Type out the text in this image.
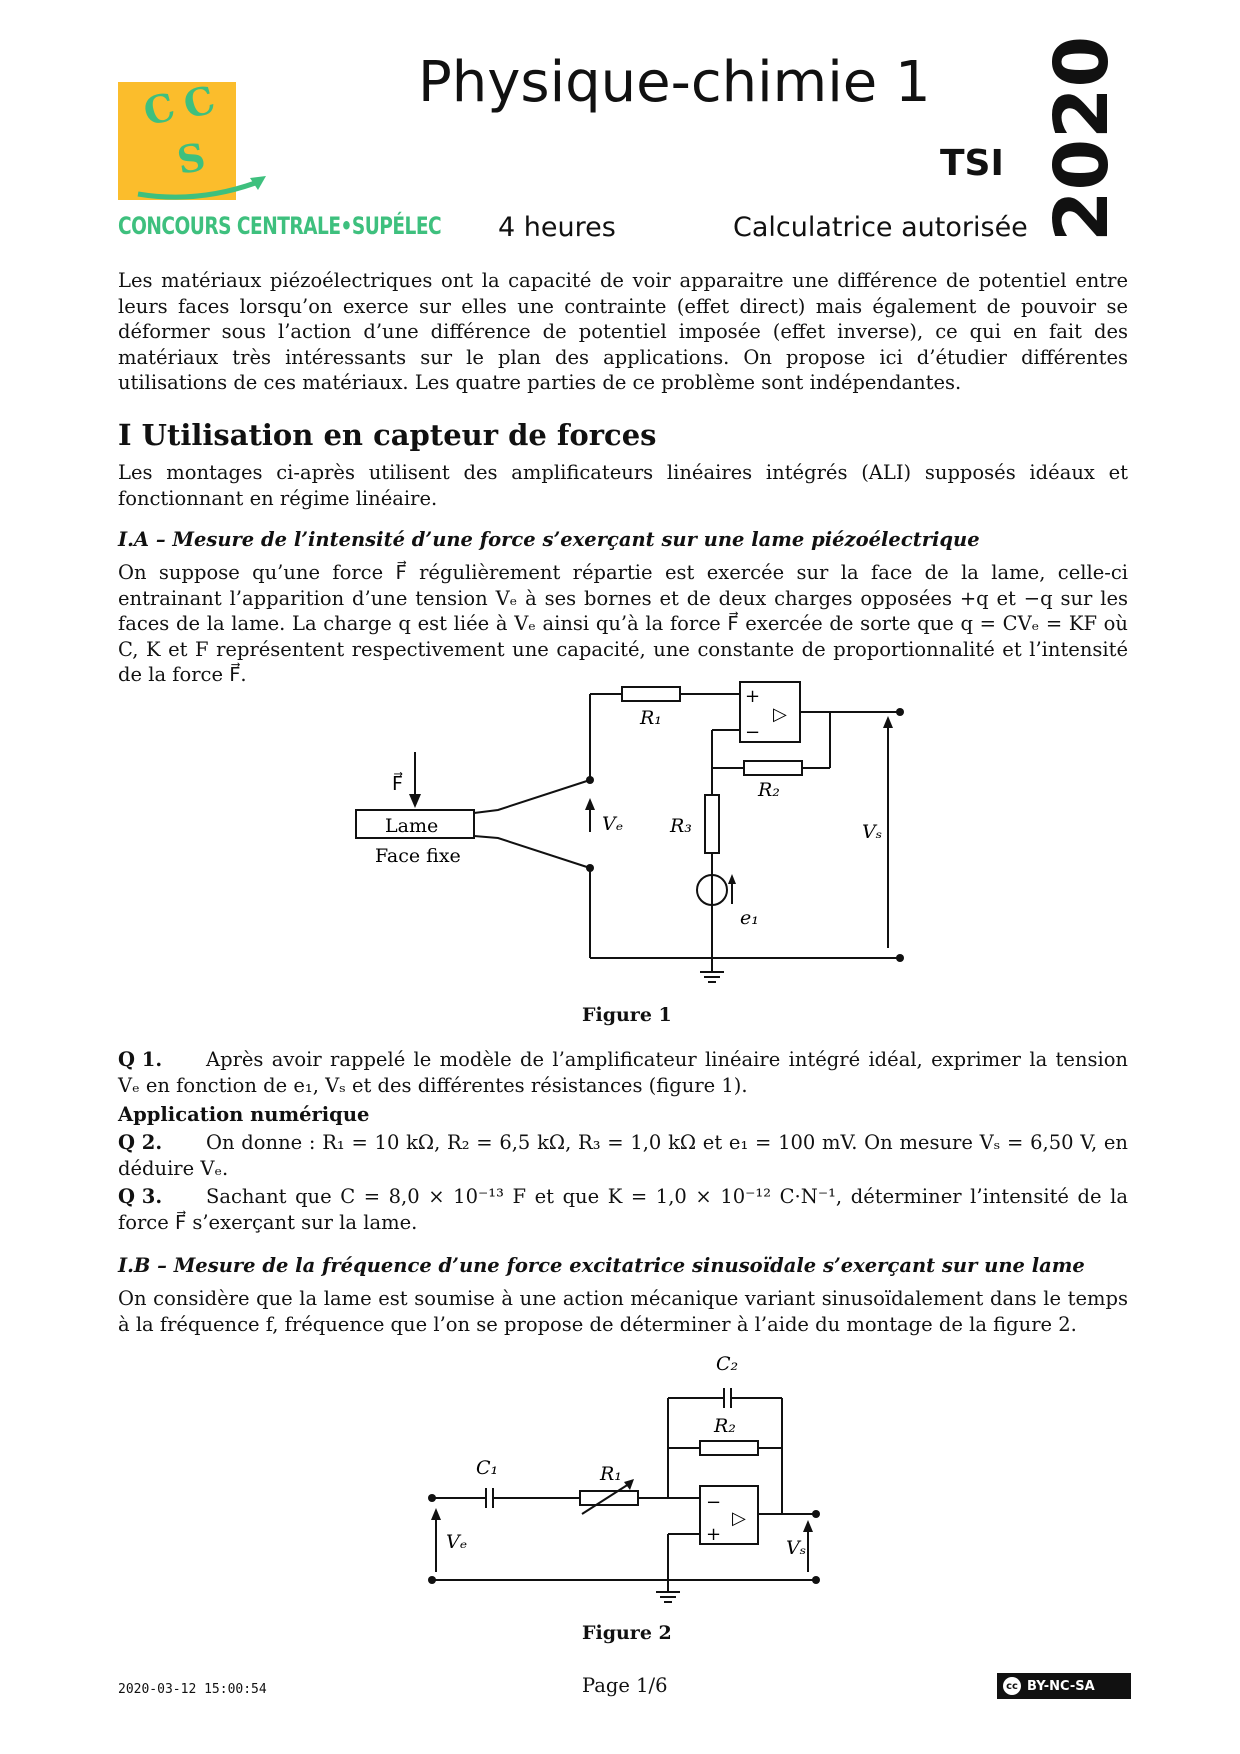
C C
S
CONCOURS CENTRALE•SUPÉLEC
Physique-chimie 1
TSI
4 heures	Calculatrice autorisée 2020
Les matériaux piézoélectriques ont la capacité de voir apparaitre une différence de potentiel entre leurs faces lorsqu’on exerce sur elles une contrainte (effet direct) mais également de pouvoir se déformer sous l’action d’une différence de potentiel imposée (effet inverse), ce qui en fait des matériaux très intéressants sur le plan des applications. On propose ici d’étudier différentes utilisations de ces matériaux. Les quatre parties de ce problème sont indépendantes.
I Utilisation en capteur de forces
Les montages ci-après utilisent des amplificateurs linéaires intégrés (ALI) supposés idéaux et fonctionnant en régime linéaire.
I.A – Mesure de l’intensité d’une force s’exerçant sur une lame piézoélectrique
On suppose qu’une force F⃗ régulièrement répartie est exercée sur la face de la lame, celle-ci entrainant l’apparition d’une tension Vₑ à ses bornes et de deux charges opposées +q et −q sur les faces de la lame. La charge q est liée à Vₑ ainsi qu’à la force F⃗ exercée de sorte que q = CVₑ = KF où C, K et F représentent respectivement une capacité, une constante de proportionnalité et l’intensité de la force F⃗.
F⃗
Lame
Face fixe
Vₑ
R₁
R₂
R₃	Vₛ
e₁
+
−
▷
Figure 1
Q 1. Après avoir rappelé le modèle de l’amplificateur linéaire intégré idéal, exprimer la tension Vₑ en fonction de e₁, Vₛ et des différentes résistances (figure 1).
Application numérique
Q 2. On donne : R₁ = 10 kΩ, R₂ = 6,5 kΩ, R₃ = 1,0 kΩ et e₁ = 100 mV. On mesure Vₛ = 6,50 V, en déduire Vₑ.
Q 3. Sachant que C = 8,0 × 10⁻¹³ F et que K = 1,0 × 10⁻¹² C·N⁻¹, déterminer l’intensité de la force F⃗ s’exerçant sur la lame.
I.B – Mesure de la fréquence d’une force excitatrice sinusoïdale s’exerçant sur une lame
On considère que la lame est soumise à une action mécanique variant sinusoïdalement dans le temps à la fréquence f, fréquence que l’on se propose de déterminer à l’aide du montage de la figure 2.
C₁
C₂
R₁
R₂
Vₑ	Vₛ
−
+
▷
Figure 2
2020-03-12 15:00:54	Page 1/6	cc BY-NC-SA
